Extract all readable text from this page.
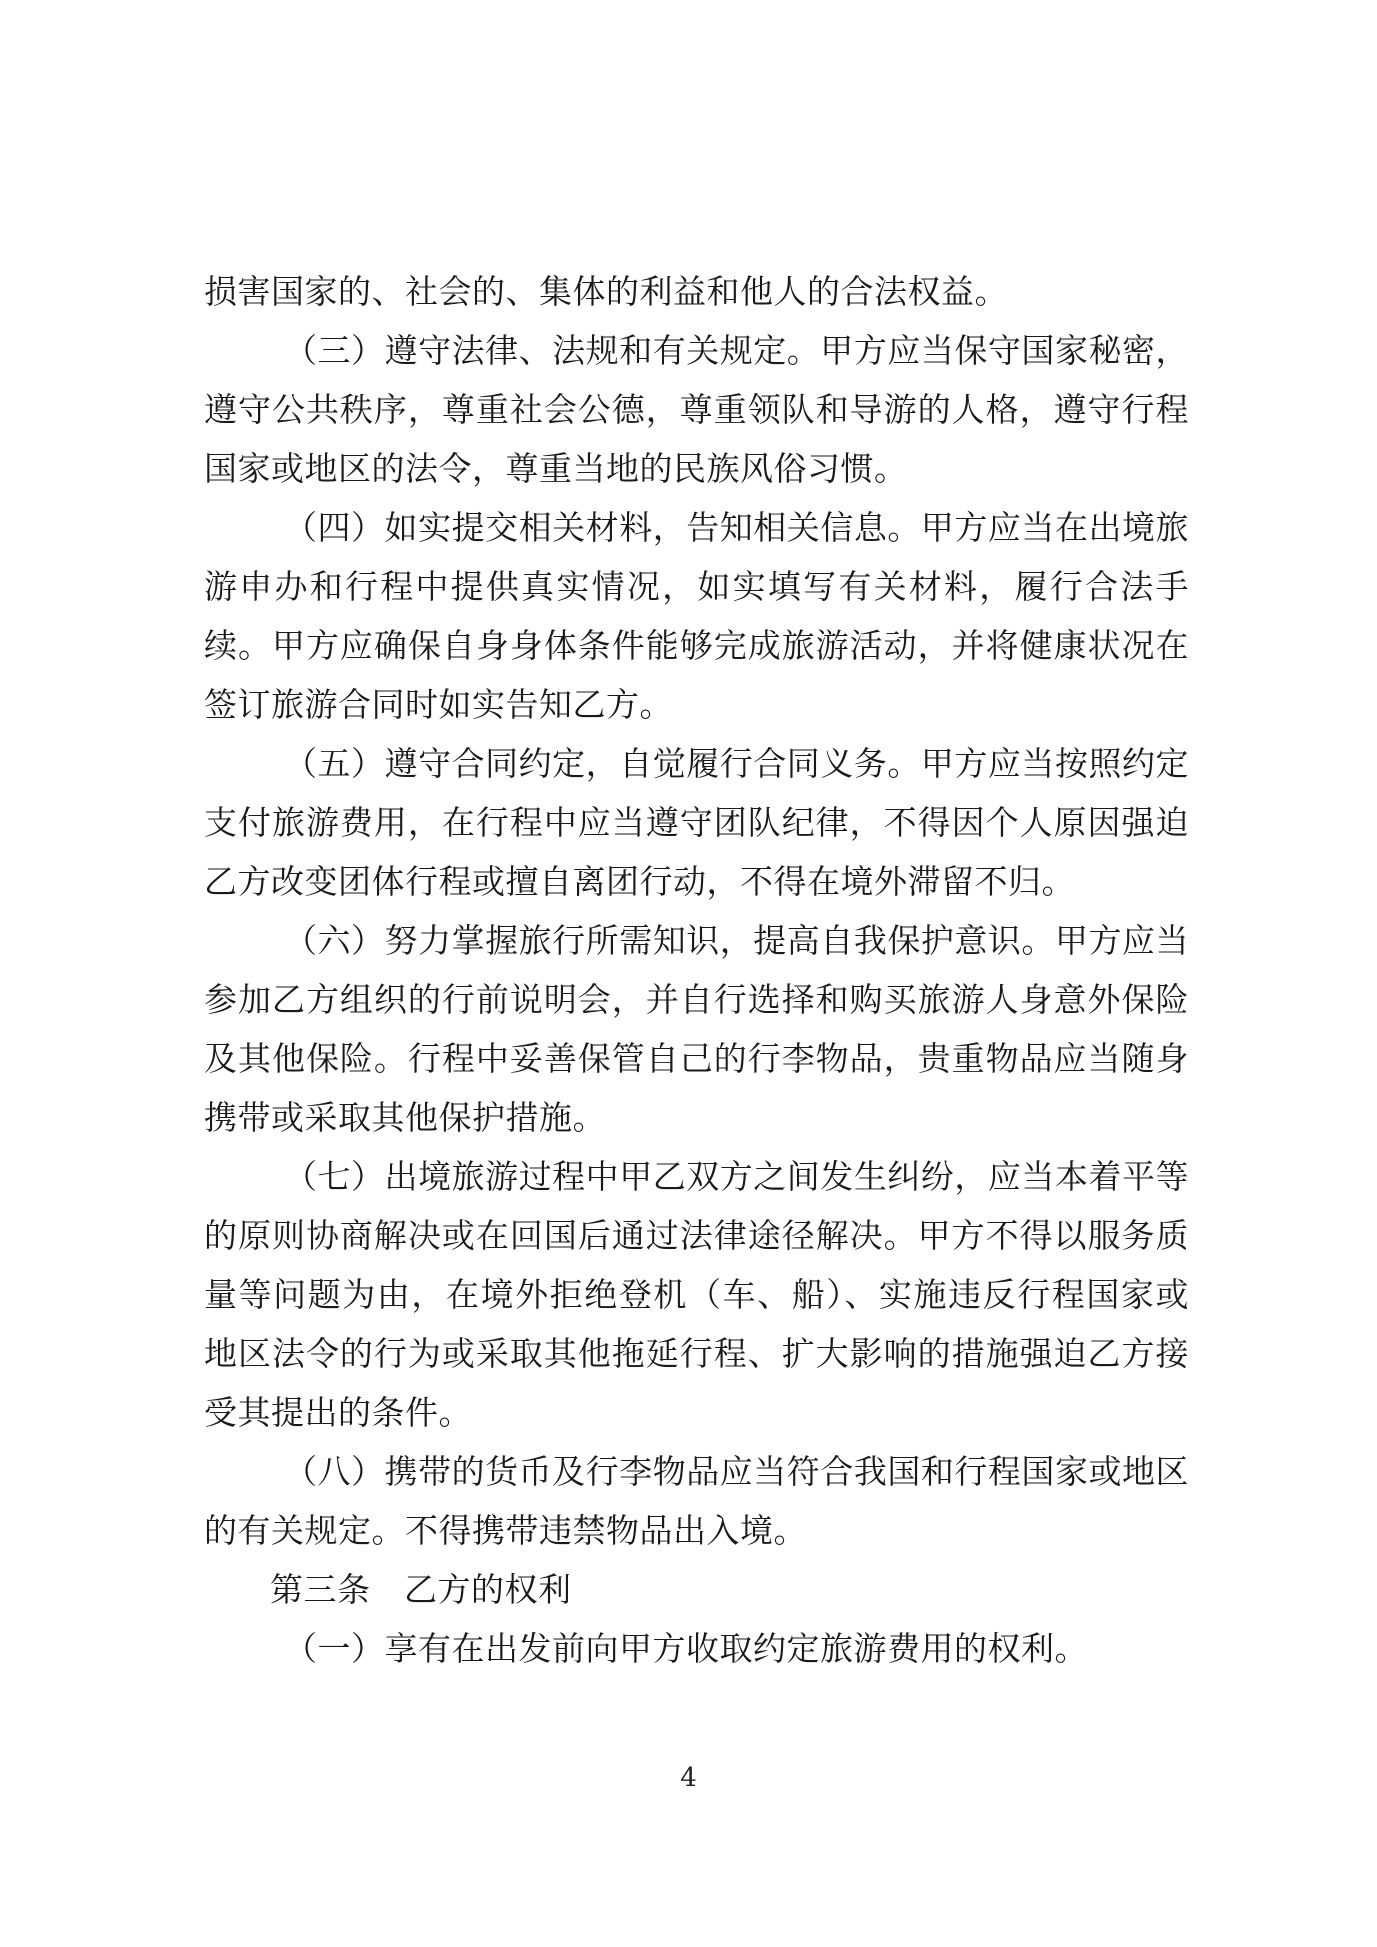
损害国家的、社会的、集体的利益和他人的合法权益。

（三）遵守法律、法规和有关规定。甲方应当保守国家秘密，遵守公共秩序，尊重社会公德，尊重领队和导游的人格，遵守行程国家或地区的法令，尊重当地的民族风俗习惯。

（四）如实提交相关材料，告知相关信息。甲方应当在出境旅游申办和行程中提供真实情况，如实填写有关材料，履行合法手续。甲方应确保自身身体条件能够完成旅游活动，并将健康状况在签订旅游合同时如实告知乙方。

（五）遵守合同约定，自觉履行合同义务。甲方应当按照约定支付旅游费用，在行程中应当遵守团队纪律，不得因个人原因强迫乙方改变团体行程或擅自离团行动，不得在境外滞留不归。

（六）努力掌握旅行所需知识，提高自我保护意识。甲方应当参加乙方组织的行前说明会，并自行选择和购买旅游人身意外保险及其他保险。行程中妥善保管自己的行李物品，贵重物品应当随身携带或采取其他保护措施。

（七）出境旅游过程中甲乙双方之间发生纠纷，应当本着平等的原则协商解决或在回国后通过法律途径解决。甲方不得以服务质量等问题为由，在境外拒绝登机（车、船）、实施违反行程国家或地区法令的行为或采取其他拖延行程、扩大影响的措施强迫乙方接受其提出的条件。

（八）携带的货币及行李物品应当符合我国和行程国家或地区的有关规定。不得携带违禁物品出入境。

第三条　乙方的权利

（一）享有在出发前向甲方收取约定旅游费用的权利。

4
